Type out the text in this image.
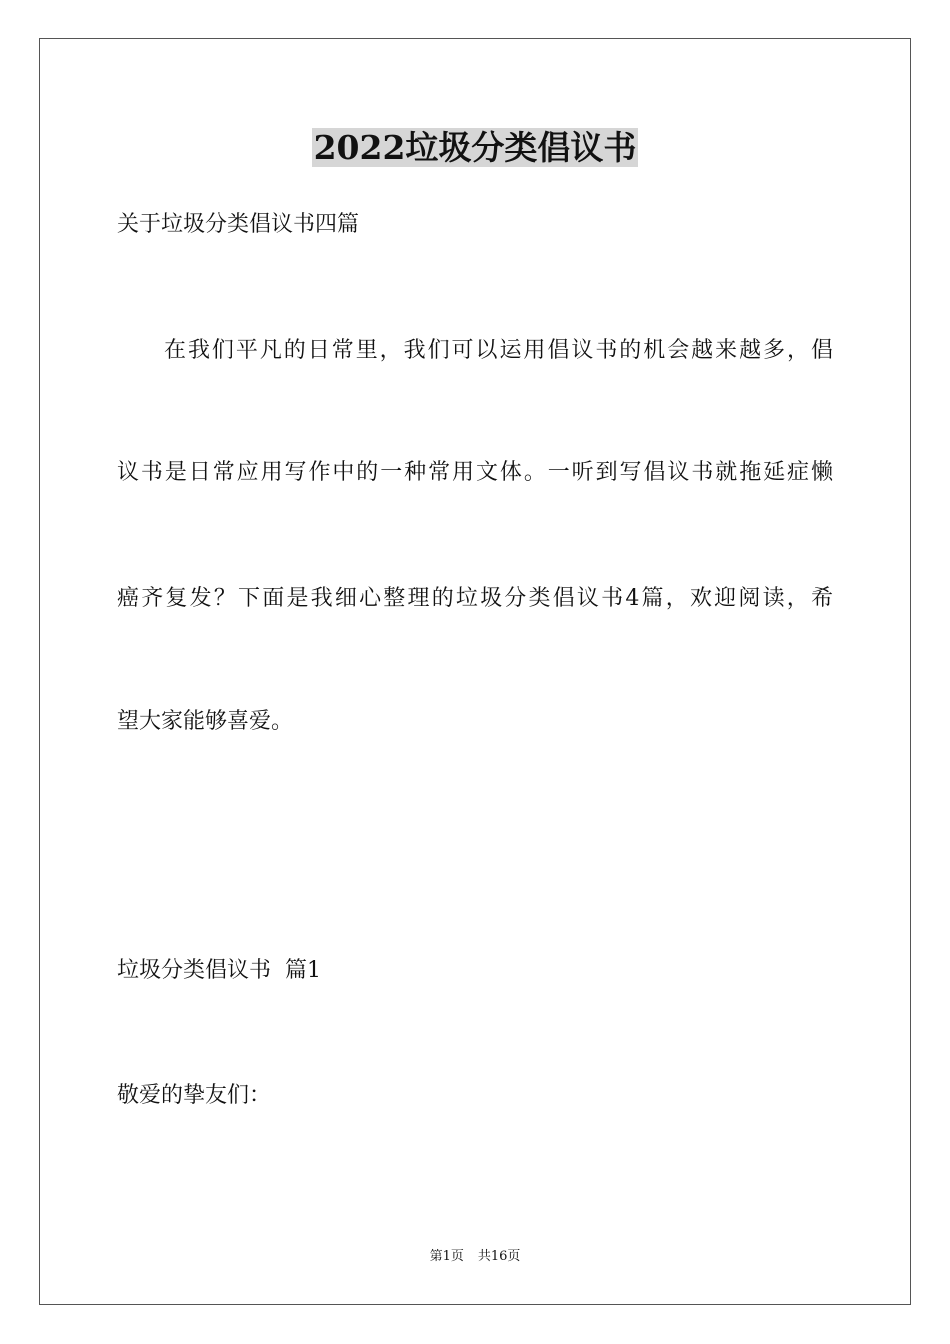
2022垃圾分类倡议书

关于垃圾分类倡议书四篇

在我们平凡的日常里，我们可以运用倡议书的机会越来越多，倡

议书是日常应用写作中的一种常用文体。一听到写倡议书就拖延症懒

癌齐复发？下面是我细心整理的垃圾分类倡议书4篇，欢迎阅读，希

望大家能够喜爱。

垃圾分类倡议书  篇1

敬爱的挚友们：

第1页 共16页
